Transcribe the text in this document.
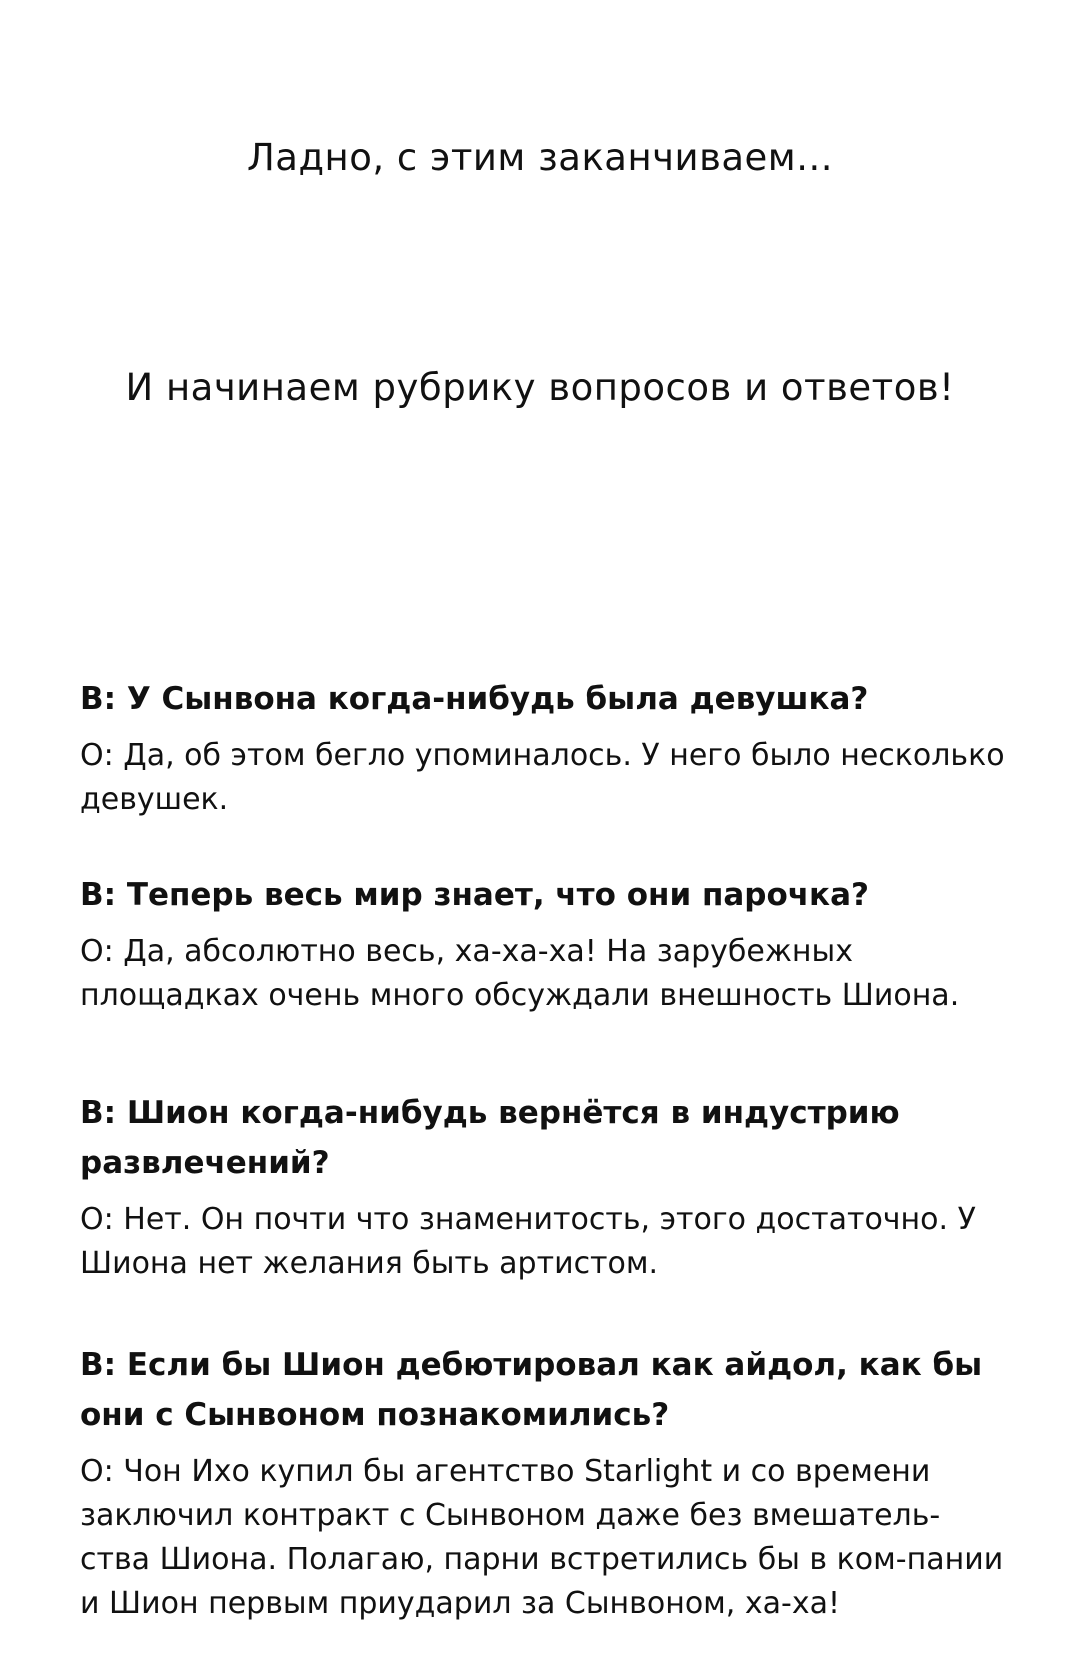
Ладно, с этим заканчиваем...
И начинаем рубрику вопросов и ответов!

В: У Сынвона когда-нибудь была девушка?

О: Да, об этом бегло упоминалось. У него было несколько девушек.

В: Теперь весь мир знает, что они парочка?

О: Да, абсолютно весь, ха-ха-ха! На зарубежных площадках очень много обсуждали внешность Шиона.

В: Шион когда-нибудь вернётся в индустрию развлечений?

О: Нет. Он почти что знаменитость, этого достаточно. У Шиона нет желания быть артистом.

В: Если бы Шион дебютировал как айдол, как бы они с Сынвоном познакомились?

О: Чон Ихо купил бы агентство Starlight и со времени заключил контракт с Сынвоном даже без вмешатель-ства Шиона. Полагаю, парни встретились бы в ком-пании и Шион первым приударил за Сынвоном, ха-ха!
